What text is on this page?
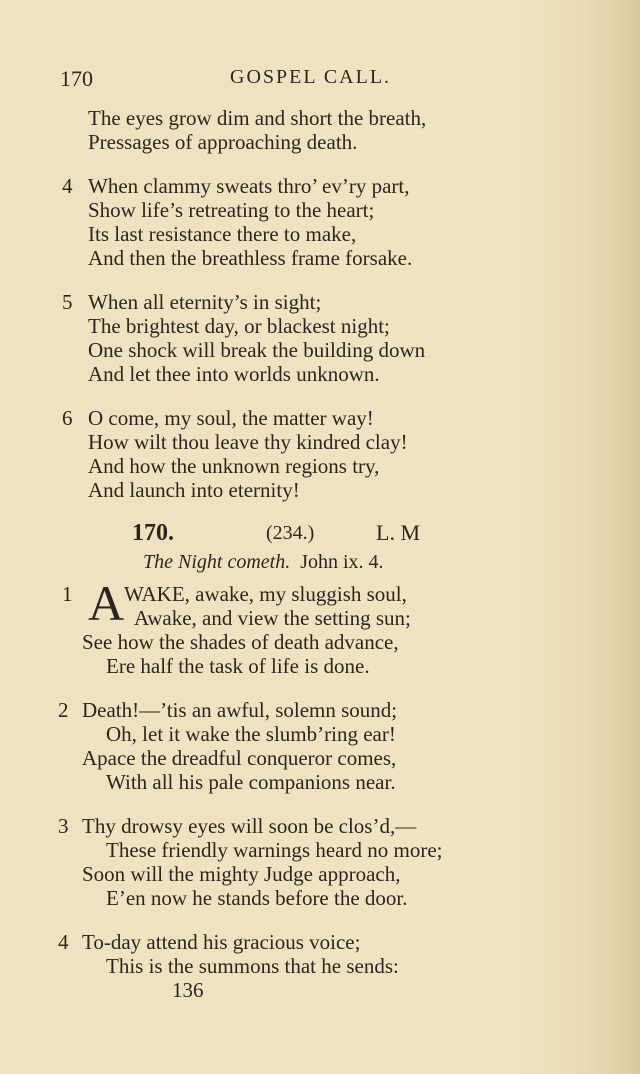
170	GOSPEL CALL.
The eyes grow dim and short the breath,
Pressages of approaching death.
4 When clammy sweats thro’ ev’ry part,
Show life’s retreating to the heart;
Its last resistance there to make,
And then the breathless frame forsake.
5 When all eternity’s in sight;
The brightest day, or blackest night;
One shock will break the building down
And let thee into worlds unknown.
6 O come, my soul, the matter way!
How wilt thou leave thy kindred clay!
And how the unknown regions try,
And launch into eternity!
170.	(234.)	L. M
The Night cometh. John ix. 4.
1 A WAKE, awake, my sluggish soul,
Awake, and view the setting sun;
See how the shades of death advance,
Ere half the task of life is done.
2 Death!—’tis an awful, solemn sound;
Oh, let it wake the slumb’ring ear!
Apace the dreadful conqueror comes,
With all his pale companions near.
3 Thy drowsy eyes will soon be clos’d,—
These friendly warnings heard no more;
Soon will the mighty Judge approach,
E’en now he stands before the door.
4 To-day attend his gracious voice;
This is the summons that he sends:
136
